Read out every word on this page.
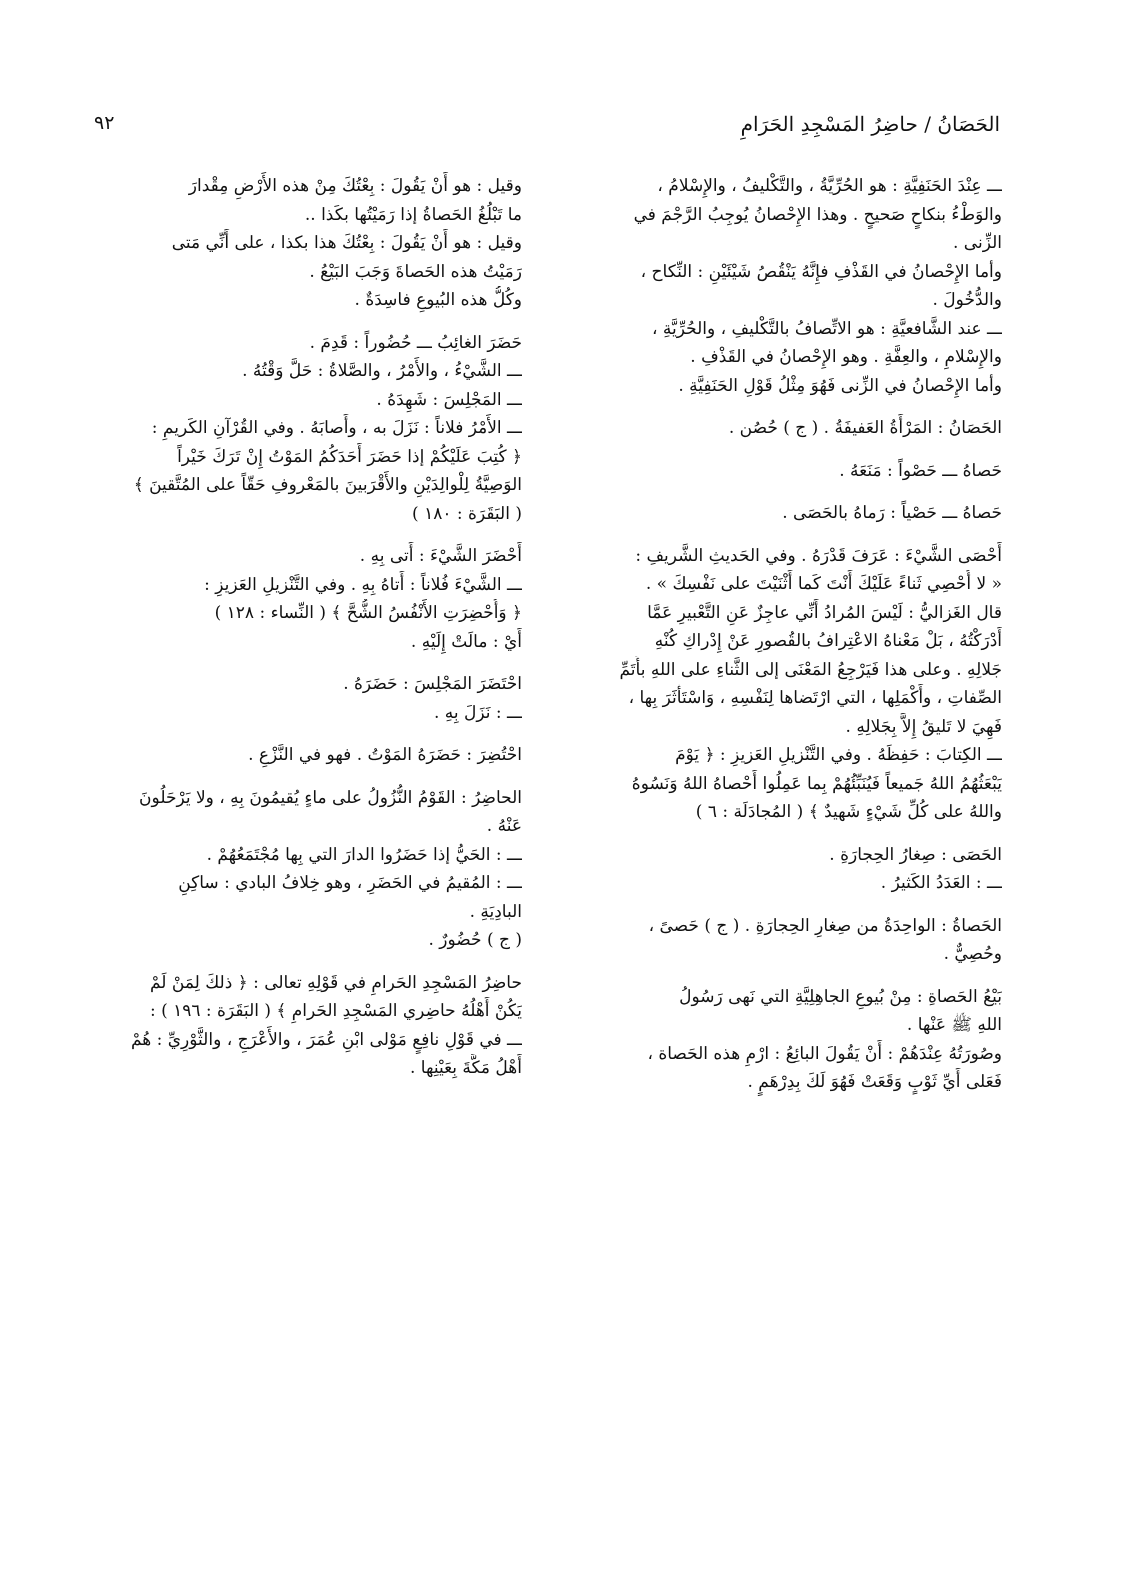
الحَصَانُ / حاضِرُ المَسْجِدِ الحَرَامِ
٩٢
ـــ عِنْدَ الحَنَفِيَّةِ : هو الحُرِّيَّةُ ، والتَّكْليفُ ، والإِسْلامُ ،
والوَطْءُ بنكاحٍ صَحيحٍ . وهذا الإِحْصانُ يُوجِبُ الرَّجْمَ في
الزِّنى .
وأما الإِحْصانُ في القَذْفِ فإِنَّهُ يَنْقُصُ شَيْئَيْنِ : النِّكاح ،
والدُّخُولَ .
ـــ عند الشَّافعيَّةِ : هو الاتِّصافُ بالتَّكْليفِ ، والحُرِّيَّةِ ،
والإِسْلامِ ، والعِفَّةِ . وهو الإِحْصانُ في القَذْفِ .
وأما الإِحْصانُ في الزِّنى فَهُوَ مِثْلُ قَوْلِ الحَنَفِيَّةِ .
الحَصَانُ : المَرْأَةُ العَفيفَةُ . ( ج ) حُصُن .
حَصاهُ ـــ حَصْواً : مَنَعَهُ .
حَصاهُ ـــ حَصْياً : رَماهُ بالحَصَى .
أَحْصَى الشَّيْءَ : عَرَفَ قَدْرَهُ . وفي الحَديثِ الشَّريفِ :
« لا أُحْصِي ثَناءً عَلَيْكَ أَنْتَ كَما أَثْنَيْتَ على نَفْسِكَ » .
قال الغَزاليُّ : لَيْسَ المُرادُ أَنِّي عاجِزٌ عَنِ التَّعْبيرِ عَمَّا
أَدْرَكْتُهُ ، بَلْ مَعْناهُ الاعْتِرافُ بالقُصورِ عَنْ إِدْراكِ كُنْهِ
جَلالِهِ . وعلى هذا فَيَرْجِعُ المَعْنَى إلى الثَّناءِ على اللهِ بأَتَمِّ
الصِّفاتِ ، وأَكْمَلِها ، التي ارْتَضاها لِنَفْسِهِ ، وَاسْتَأْثَرَ بِها ،
فَهِيَ لا تَليقُ إِلاَّ بِجَلالِهِ .
ـــ الكِتابَ : حَفِظَهُ . وفي التَّنْزيلِ العَزيزِ : ﴿ يَوْمَ
يَبْعَثُهُمُ اللهُ جَميعاً فَيُنَبِّئُهُمْ بِما عَمِلُوا أَحْصاهُ اللهُ وَنَسُوهُ
واللهُ على كُلِّ شَيْءٍ شَهيدٌ ﴾ ( المُجادَلَة : ٦ )
الحَصَى : صِغارُ الحِجارَةِ .
ـــ : العَدَدُ الكَثيرُ .
الحَصاةُ : الواحِدَةُ من صِغارِ الحِجارَةِ . ( ج ) حَصىً ،
وحُصِيٌّ .
بَيْعُ الحَصاةِ : مِنْ بُيوعِ الجاهِلِيَّةِ التي نَهى رَسُولُ
اللهِ ﷺ عَنْها .
وصُورَتُهُ عِنْدَهُمْ : أَنْ يَقُولَ البائِعُ : ارْمِ هذه الحَصاة ،
فَعَلى أَيِّ ثَوْبٍ وَقَعَتْ فَهُوَ لَكَ بِدِرْهَمٍ .
وقيل : هو أَنْ يَقُولَ : بِعْتُكَ مِنْ هذه الأَرْضِ مِقْدارَ
ما تَبْلُغُ الحَصاةُ إذا رَمَيْتُها بكَذا ..
وقيل : هو أَنْ يَقُولَ : بِعْتُكَ هذا بكذا ، على أَنِّي مَتى
رَمَيْتُ هذه الحَصاةَ وَجَبَ البَيْعُ .
وكُلُّ هذه البُيوعِ فاسِدَةٌ .
حَضَرَ الغائِبُ ـــ حُضُوراً : قَدِمَ .
ـــ الشَّيْءُ ، والأَمْرُ ، والصَّلاةُ : حَلَّ وَقْتُهُ .
ـــ المَجْلِسَ : شَهِدَهُ .
ـــ الأَمْرُ فلاناً : نَزَلَ به ، وأَصابَهُ . وفي القُرْآنِ الكَريمِ :
﴿ كُتِبَ عَلَيْكُمْ إذا حَضَرَ أَحَدَكُمُ المَوْتُ إِنْ تَرَكَ خَيْراً
الوَصِيَّةُ لِلْوالِدَيْنِ والأَقْرَبينَ بالمَعْروفِ حَقّاً على المُتَّقينَ ﴾
( البَقَرَة : ١٨٠ )
أَحْضَرَ الشَّيْءَ : أَتى بِهِ .
ـــ الشَّيْءَ فُلاناً : أَتاهُ بِهِ . وفي التَّنْزيلِ العَزيزِ :
﴿ وَأُحْضِرَتِ الأَنْفُسُ الشُّحَّ ﴾ ( النِّساء : ١٢٨ )
أَيْ : مالَتْ إِلَيْهِ .
احْتَضَرَ المَجْلِسَ : حَضَرَهُ .
ـــ : نَزَلَ بِهِ .
احْتُضِرَ : حَضَرَهُ المَوْتُ . فهو في النَّزْعِ .
الحاضِرُ : القَوْمُ النُّزُولُ على ماءٍ يُقيمُونَ بِهِ ، ولا يَرْحَلُونَ
عَنْهُ .
ـــ : الحَيُّ إذا حَضَرُوا الدارَ التي بِها مُجْتَمَعُهُمْ .
ـــ : المُقيمُ في الحَضَرِ ، وهو خِلافُ البادي : ساكِنِ
البادِيَةِ .
( ج ) حُضُورٌ .
حاضِرُ المَسْجِدِ الحَرامِ في قَوْلِهِ تعالى : ﴿ ذلكَ لِمَنْ لَمْ
يَكُنْ أَهْلُهُ حاضِري المَسْجِدِ الحَرامِ ﴾ ( البَقَرَة : ١٩٦ ) :
ـــ في قَوْلِ نافِعٍ مَوْلى ابْنِ عُمَرَ ، والأَعْرَجِ ، والثَّوْرِيِّ : هُمْ
أَهْلُ مَكَّةَ بِعَيْنِها .
